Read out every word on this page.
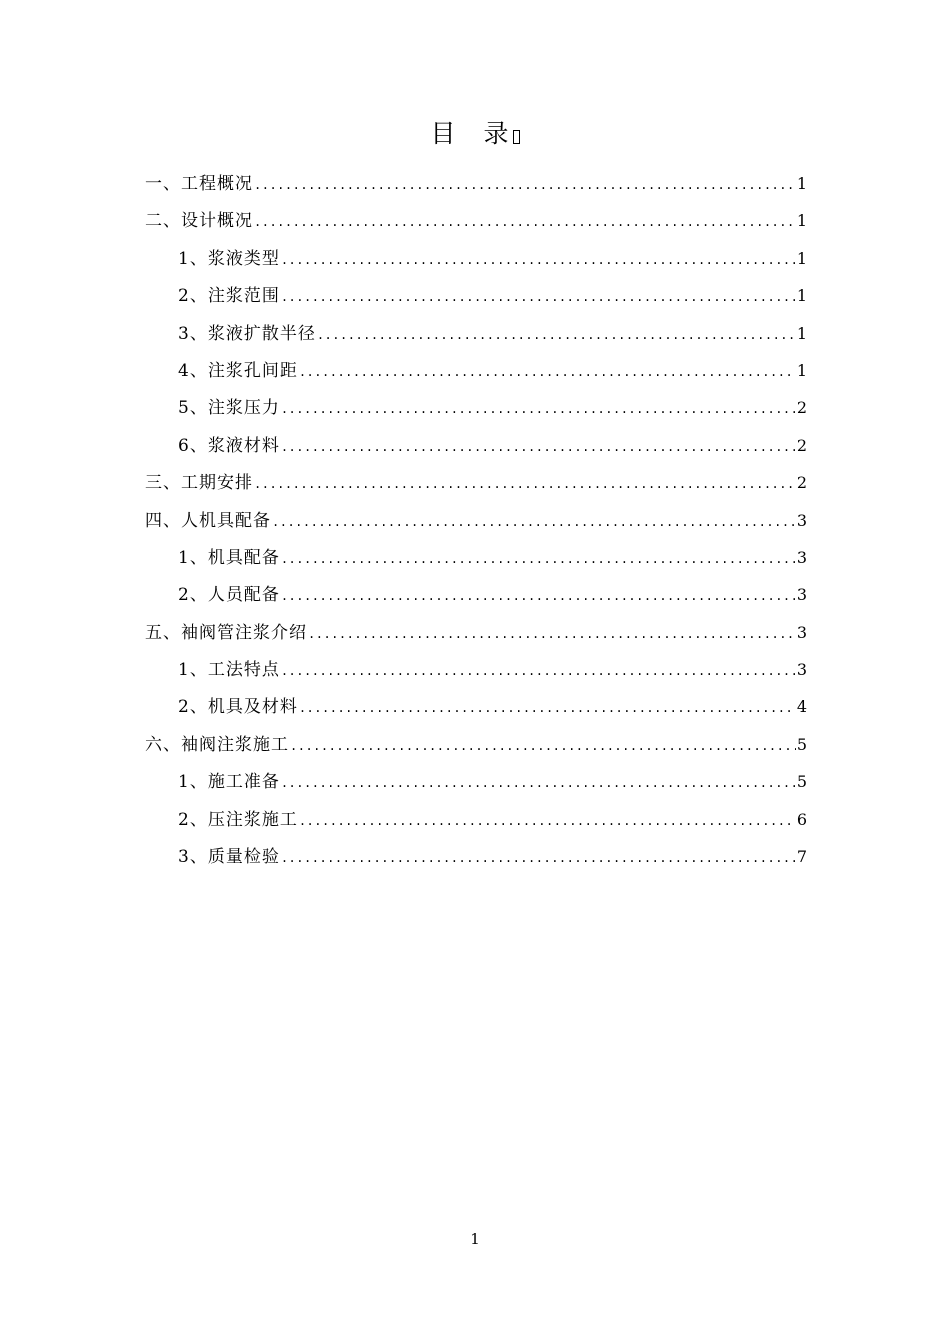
目 录
一、工程概况 .....	1
二、设计概况 .....	1
1、浆液类型 .....	1
2、注浆范围 .....	1
3、浆液扩散半径 .....	1
4、注浆孔间距 .....	1
5、注浆压力 .....	2
6、浆液材料 .....	2
三、工期安排 .....	2
四、人机具配备 .....	3
1、机具配备 .....	3
2、人员配备 .....	3
五、袖阀管注浆介绍 .....	3
1、工法特点 .....	3
2、机具及材料 .....	4
六、袖阀注浆施工 .....	5
1、施工准备 .....	5
2、压注浆施工 .....	6
3、质量检验 .....	7
1
